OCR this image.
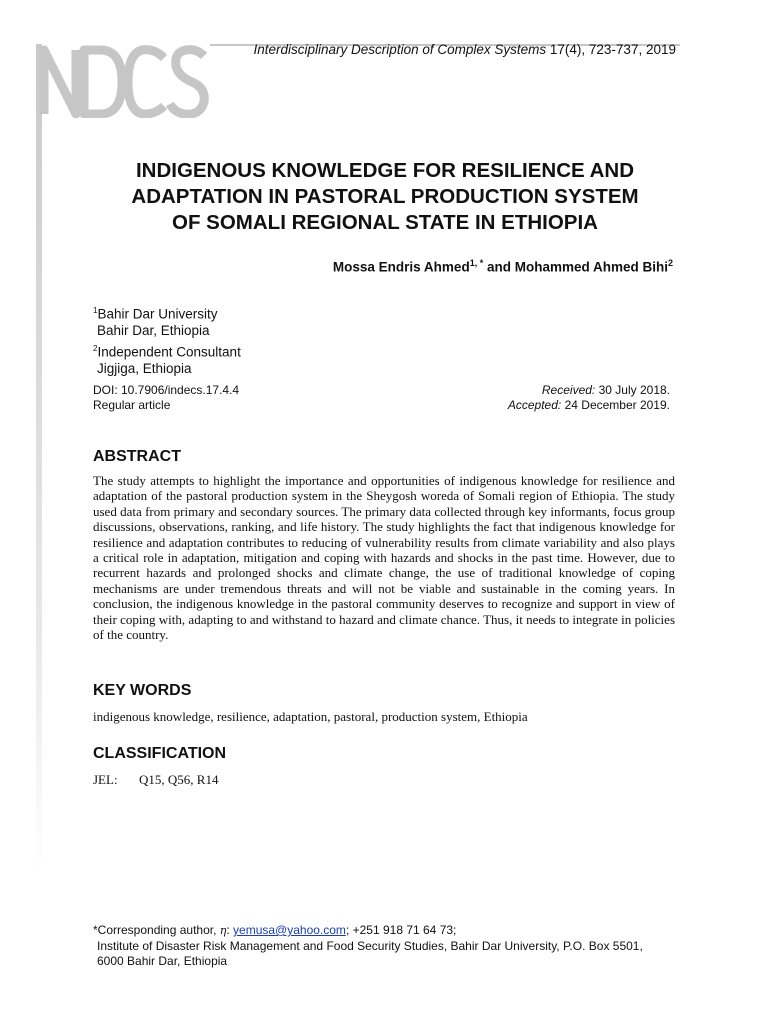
Interdisciplinary Description of Complex Systems 17(4), 723-737, 2019
INDIGENOUS KNOWLEDGE FOR RESILIENCE AND
ADAPTATION IN PASTORAL PRODUCTION SYSTEM
OF SOMALI REGIONAL STATE IN ETHIOPIA
Mossa Endris Ahmed$^{1, *}$ and Mohammed Ahmed Bihi$^2$
$^1$Bahir Dar University
Bahir Dar, Ethiopia
$^2$Independent Consultant
Jigjiga, Ethiopia
DOI: 10.7906/indecs.17.4.4
Regular article
Received: 30 July 2018.
Accepted: 24 December 2019.
ABSTRACT
The study attempts to highlight the importance and opportunities of indigenous knowledge for resilience and adaptation of the pastoral production system in the Sheygosh woreda of Somali region of Ethiopia. The study used data from primary and secondary sources. The primary data collected through key informants, focus group discussions, observations, ranking, and life history. The study highlights the fact that indigenous knowledge for resilience and adaptation contributes to reducing of vulnerability results from climate variability and also plays a critical role in adaptation, mitigation and coping with hazards and shocks in the past time. However, due to recurrent hazards and prolonged shocks and climate change, the use of traditional knowledge of coping mechanisms are under tremendous threats and will not be viable and sustainable in the coming years. In conclusion, the indigenous knowledge in the pastoral community deserves to recognize and support in view of their coping with, adapting to and withstand to hazard and climate chance. Thus, it needs to integrate in policies of the country.
KEY WORDS
indigenous knowledge, resilience, adaptation, pastoral, production system, Ethiopia
CLASSIFICATION
JEL: Q15, Q56, R14
*Corresponding author, η: yemusa@yahoo.com; +251 918 71 64 73;
Institute of Disaster Risk Management and Food Security Studies, Bahir Dar University, P.O. Box 5501,
6000 Bahir Dar, Ethiopia
